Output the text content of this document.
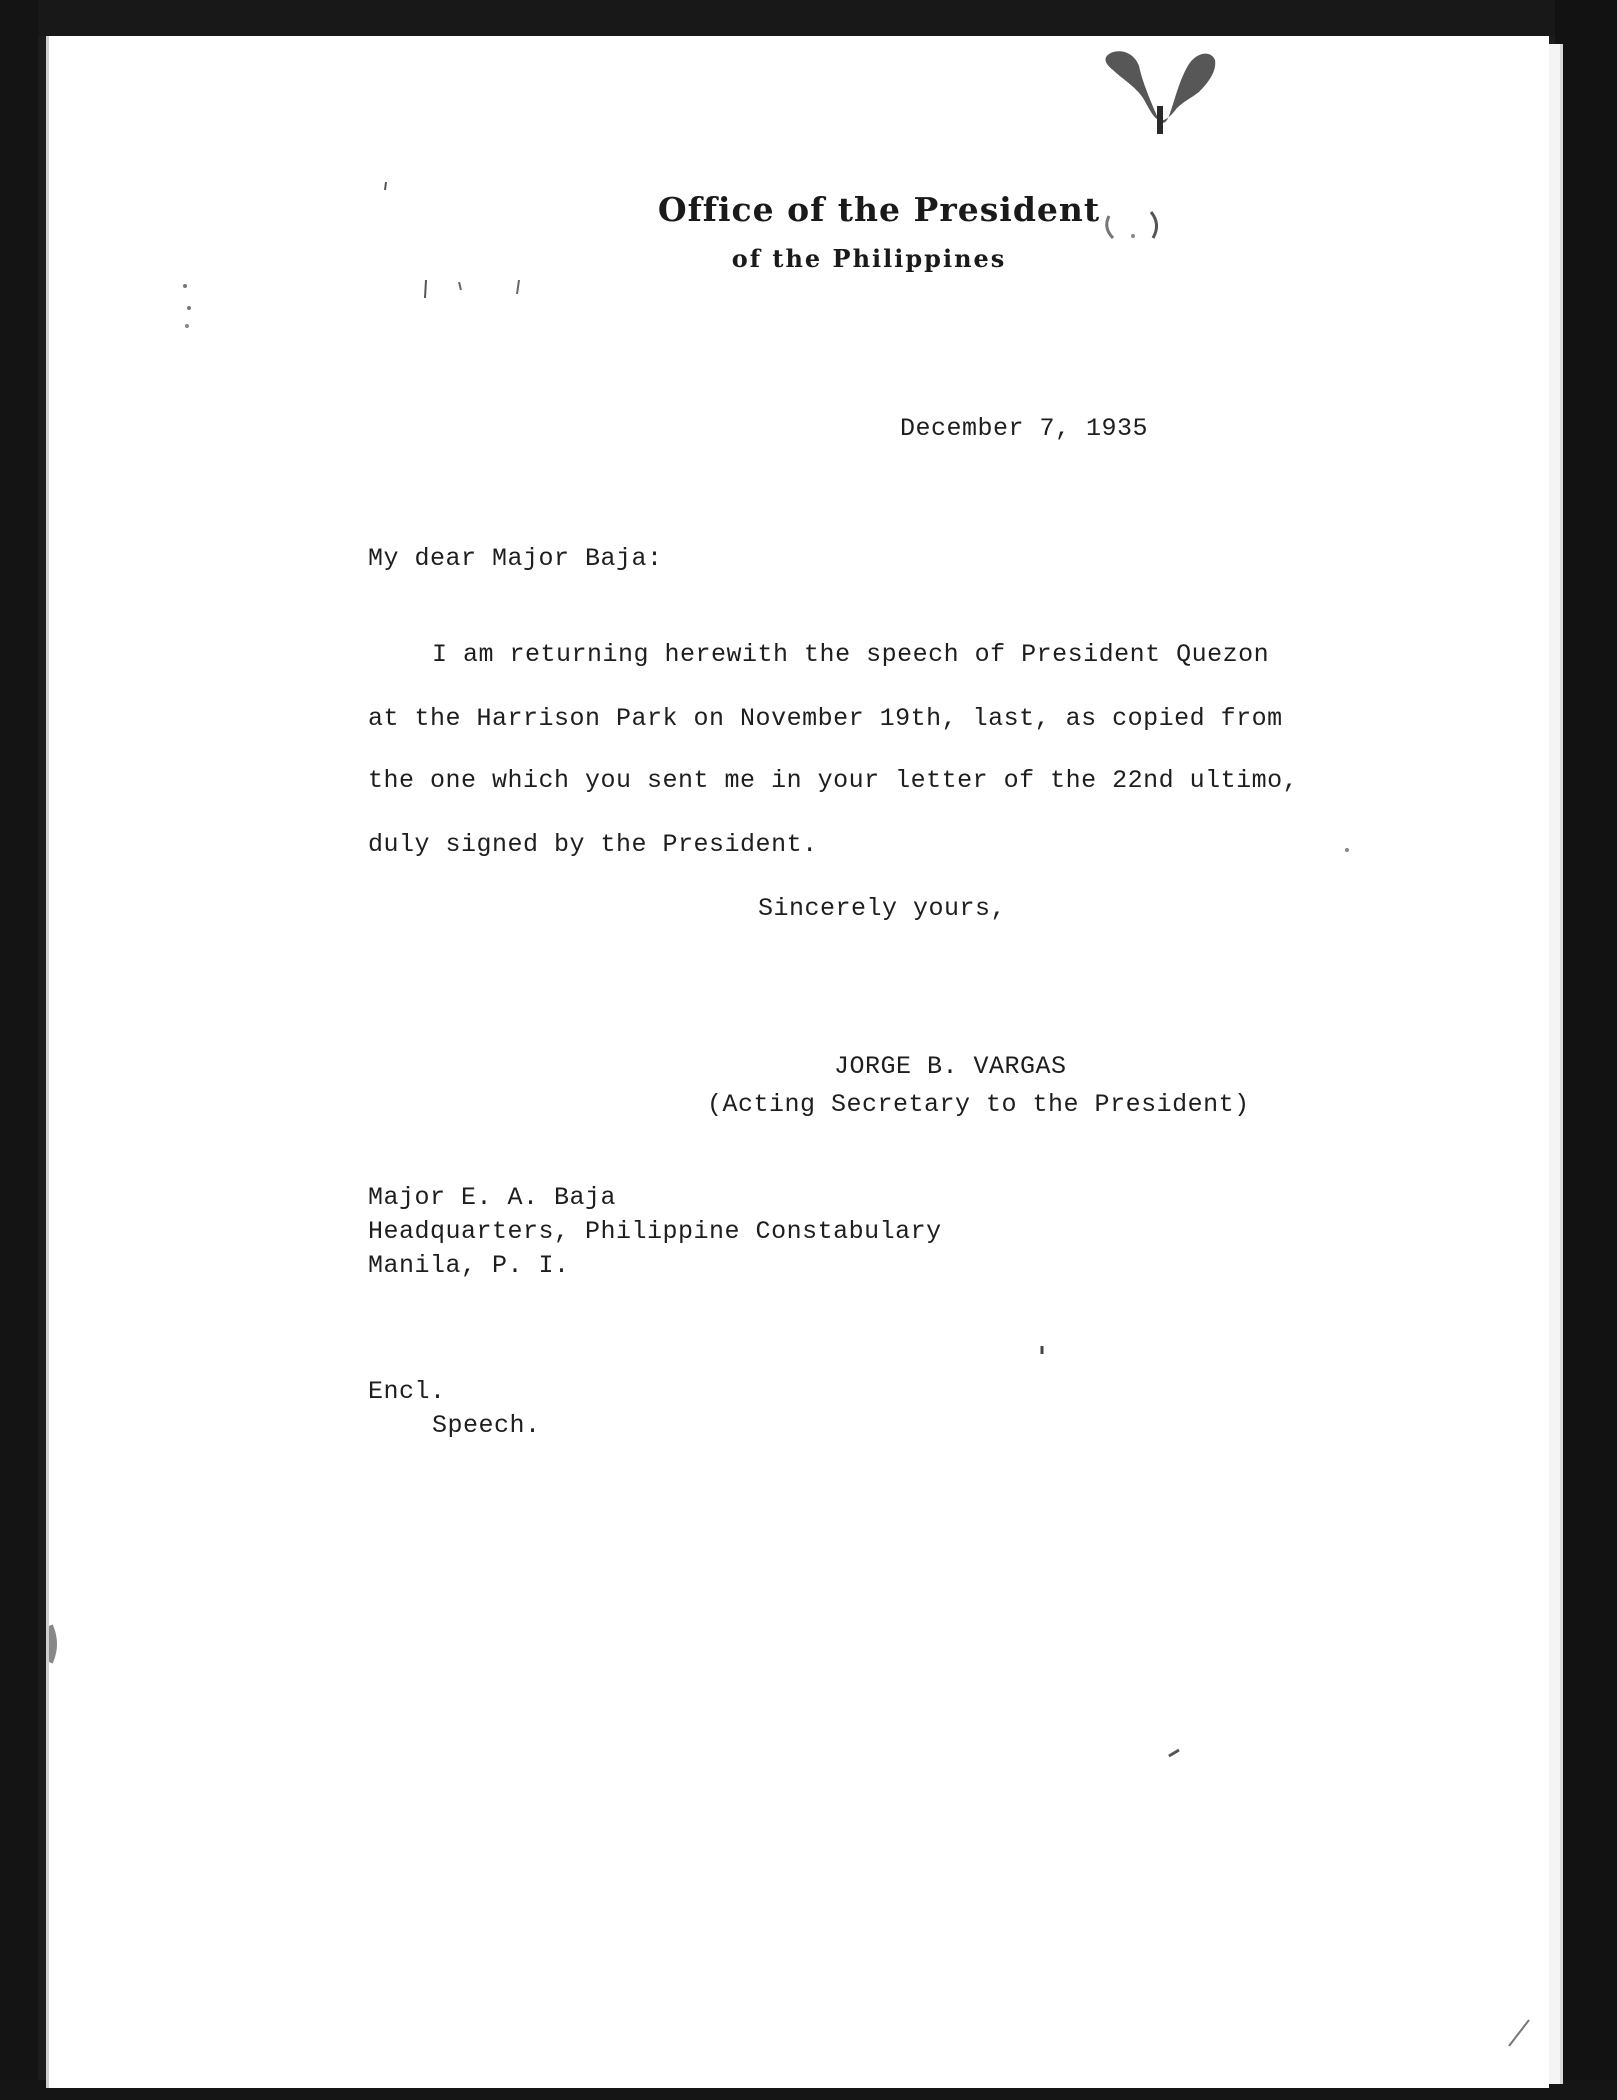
Office of the President
of the Philippines
December 7, 1935
My dear Major Baja:
I am returning herewith the speech of President Quezon
at the Harrison Park on November 19th, last, as copied from
the one which you sent me in your letter of the 22nd ultimo,
duly signed by the President.
Sincerely yours,
JORGE B. VARGAS
(Acting Secretary to the President)
Major E. A. Baja
Headquarters, Philippine Constabulary
Manila, P. I.
Encl.
Speech.
